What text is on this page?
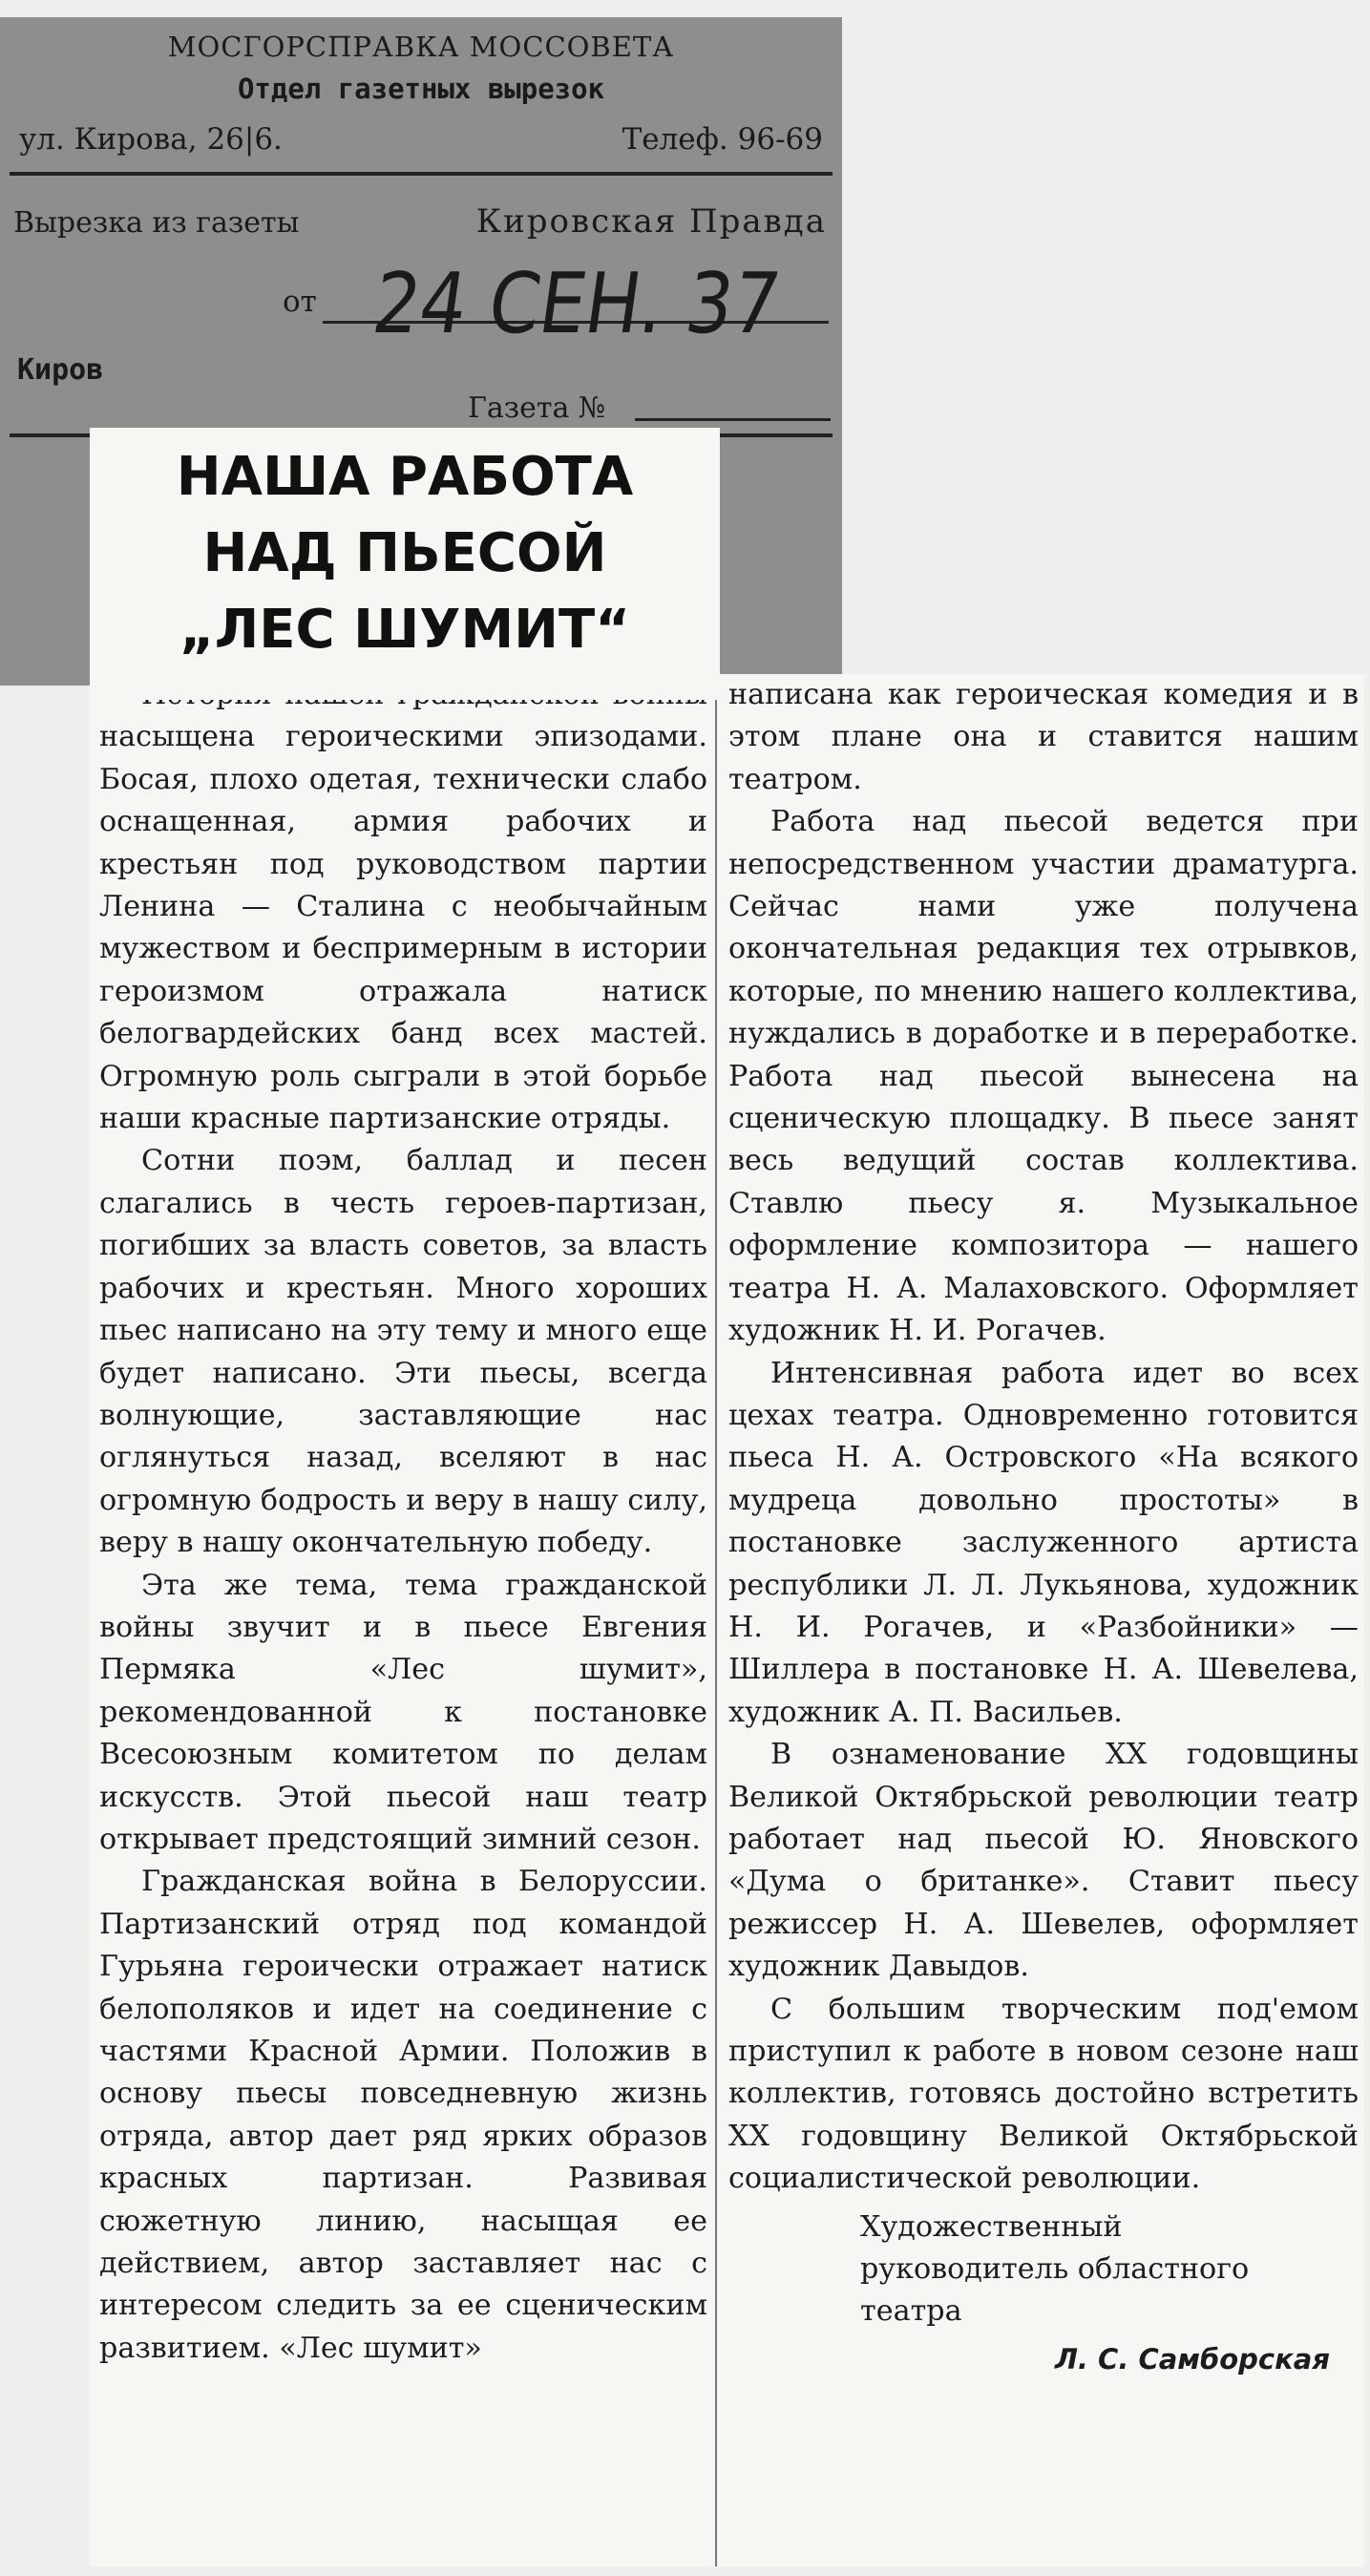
МОСГОРСПРАВКА МОССОВЕТА
Отдел газетных вырезок
ул. Кирова, 26|6.	Телеф. 96-69
Вырезка из газеты	Кировская Правда
от 24 СЕН. 37
Киров
Газета №

насыщена героическими эпизодами. Босая, плохо одетая, технически слабо оснащенная, армия рабочих и крестьян под руководством партии Ленина — Сталина с необычайным мужеством и беспримерным в истории героизмом отражала натиск белогвардейских банд всех мастей. Огромную роль сыграли в этой борьбе наши красные партизанские отряды.

Сотни поэм, баллад и песен слагались в честь героев-партизан, погибших за власть советов, за власть рабочих и крестьян. Много хороших пьес написано на эту тему и много еще будет написано. Эти пьесы, всегда волнующие, заставляющие нас оглянуться назад, вселяют в нас огромную бодрость и веру в нашу силу, веру в нашу окончательную победу.

Эта же тема, тема гражданской войны звучит и в пьесе Евгения Пермяка «Лес шумит», рекомендованной к постановке Всесоюзным комитетом по делам искусств. Этой пьесой наш театр открывает предстоящий зимний сезон.

Гражданская война в Белоруссии. Партизанский отряд под командой Гурьяна героически отражает натиск белополяков и идет на соединение с частями Красной Армии. Положив в основу пьесы повседневную жизнь отряда, автор дает ряд ярких образов красных партизан. Развивая сюжетную линию, насыщая ее действием, автор заставляет нас с интересом следить за ее сценическим развитием. «Лес шумит»

написана как героическая комедия и в этом плане она и ставится нашим театром.

Работа над пьесой ведется при непосредственном участии драматурга. Сейчас нами уже получена окончательная редакция тех отрывков, которые, по мнению нашего коллектива, нуждались в доработке и в переработке. Работа над пьесой вынесена на сценическую площадку. В пьесе занят весь ведущий состав коллектива. Ставлю пьесу я. Музыкальное оформление композитора — нашего театра Н. А. Малаховского. Оформляет художник Н. И. Рогачев.

Интенсивная работа идет во всех цехах театра. Одновременно готовится пьеса Н. А. Островского «На всякого мудреца довольно простоты» в постановке заслуженного артиста республики Л. Л. Лукьянова, художник Н. И. Рогачев, и «Разбойники» — Шиллера в постановке Н. А. Шевелева, художник А. П. Васильев.

В ознаменование XX годовщины Великой Октябрьской революции театр работает над пьесой Ю. Яновского «Дума о британке». Ставит пьесу режиссер Н. А. Шевелев, оформляет художник Давыдов.

С большим творческим под'емом приступил к работе в новом сезоне наш коллектив, готовясь достойно встретить XX годовщину Великой Октябрьской социалистической революции.

Художественный руководитель областного театра

Л. С. Самборская

НАША РАБОТА
НАД ПЬЕСОЙ
„ЛЕС ШУМИТ“
